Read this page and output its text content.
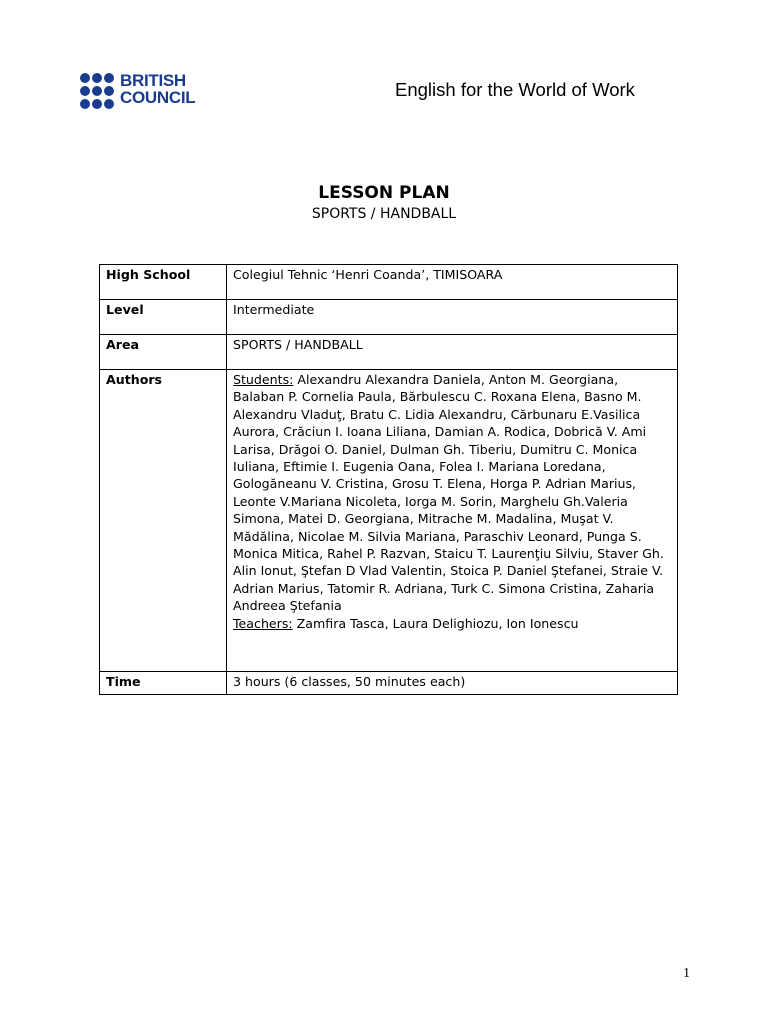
BRITISH
COUNCIL	English for the World of Work
LESSON PLAN
SPORTS / HANDBALL
High School	Colegiul Tehnic ‘Henri Coanda’, TIMISOARA
Level	Intermediate
Area	SPORTS / HANDBALL
Authors	Students: Alexandru Alexandra Daniela, Anton M. Georgiana, Balaban P. Cornelia Paula, Bărbulescu C. Roxana Elena, Basno M. Alexandru Vladuţ, Bratu C. Lidia Alexandru, Cărbunaru E.Vasilica Aurora, Crăciun I. Ioana Liliana, Damian A. Rodica, Dobrică V. Ami Larisa, Drăgoi O. Daniel, Dulman Gh. Tiberiu, Dumitru C. Monica Iuliana, Eftimie I. Eugenia Oana, Folea I. Mariana Loredana, Gologăneanu V. Cristina, Grosu T. Elena, Horga P. Adrian Marius, Leonte V.Mariana Nicoleta, Iorga M. Sorin, Marghelu Gh.Valeria Simona, Matei D. Georgiana, Mitrache M. Madalina, Muşat V. Mădălina, Nicolae M. Silvia Mariana, Paraschiv Leonard, Punga S. Monica Mitica, Rahel P. Razvan, Staicu T. Laurenţiu Silviu, Staver Gh. Alin Ionut, Ştefan D Vlad Valentin, Stoica P. Daniel Ştefanei, Straie V. Adrian Marius, Tatomir R. Adriana, Turk C. Simona Cristina, Zaharia Andreea Ştefania
Teachers: Zamfira Tasca, Laura Delighiozu, Ion Ionescu
Time	3 hours (6 classes, 50 minutes each)
1
